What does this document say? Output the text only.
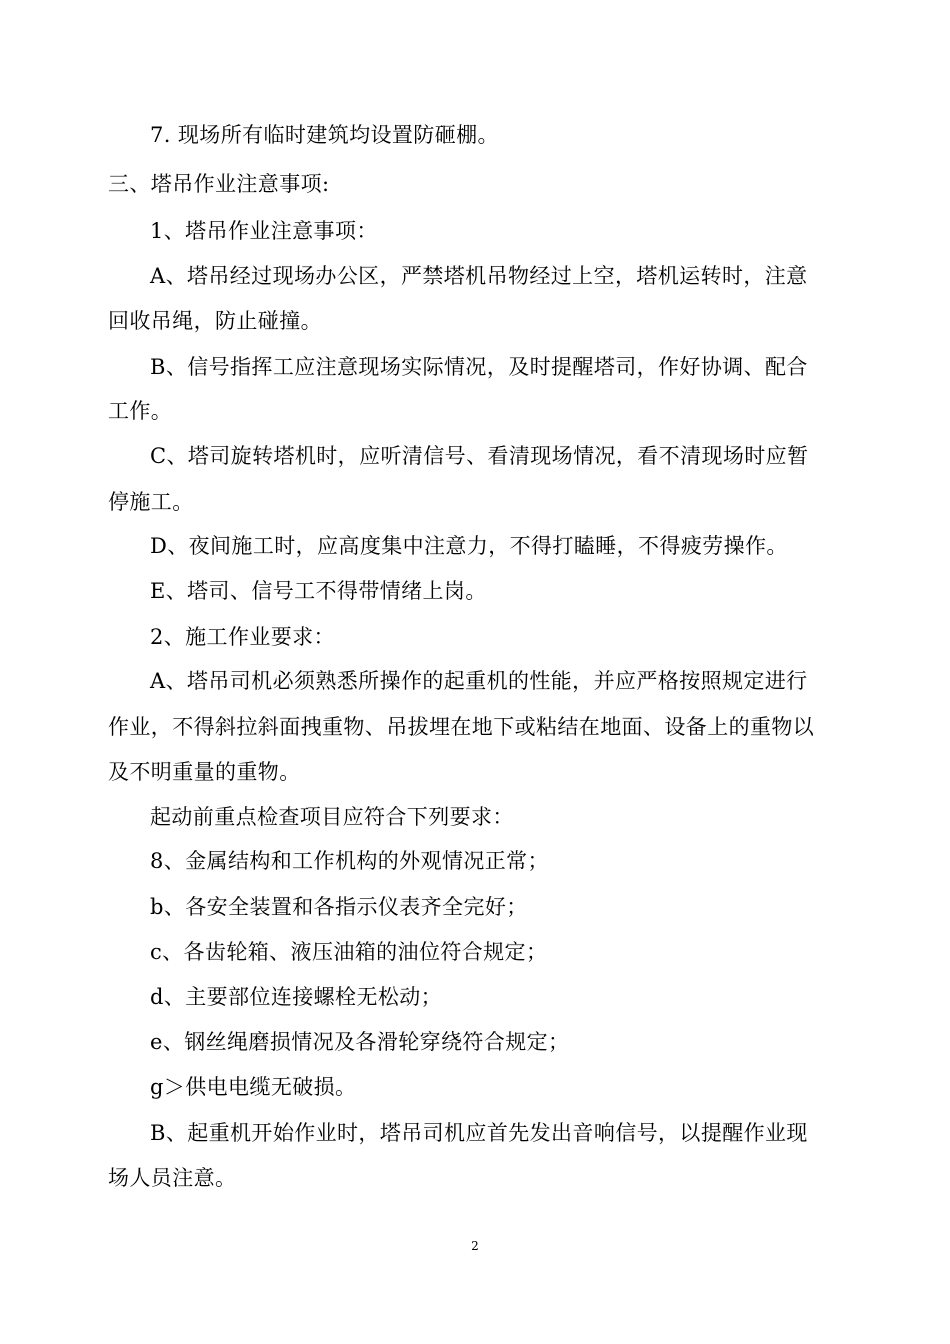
7. 现场所有临时建筑均设置防砸棚。
三、塔吊作业注意事项:
1、塔吊作业注意事项：
A、塔吊经过现场办公区，严禁塔机吊物经过上空，塔机运转时，注意
回收吊绳，防止碰撞。
B、信号指挥工应注意现场实际情况，及时提醒塔司，作好协调、配合
工作。
C、塔司旋转塔机时，应听清信号、看清现场情况，看不清现场时应暂
停施工。
D、夜间施工时，应高度集中注意力，不得打瞌睡，不得疲劳操作。
E、塔司、信号工不得带情绪上岗。
2、施工作业要求：
A、塔吊司机必须熟悉所操作的起重机的性能，并应严格按照规定进行
作业，不得斜拉斜面拽重物、吊拔埋在地下或粘结在地面、设备上的重物以
及不明重量的重物。
起动前重点检查项目应符合下列要求：
8、金属结构和工作机构的外观情况正常；
b、各安全装置和各指示仪表齐全完好；
c、各齿轮箱、液压油箱的油位符合规定；
d、主要部位连接螺栓无松动；
e、钢丝绳磨损情况及各滑轮穿绕符合规定；
g＞供电电缆无破损。
B、起重机开始作业时，塔吊司机应首先发出音响信号，以提醒作业现
场人员注意。
2
